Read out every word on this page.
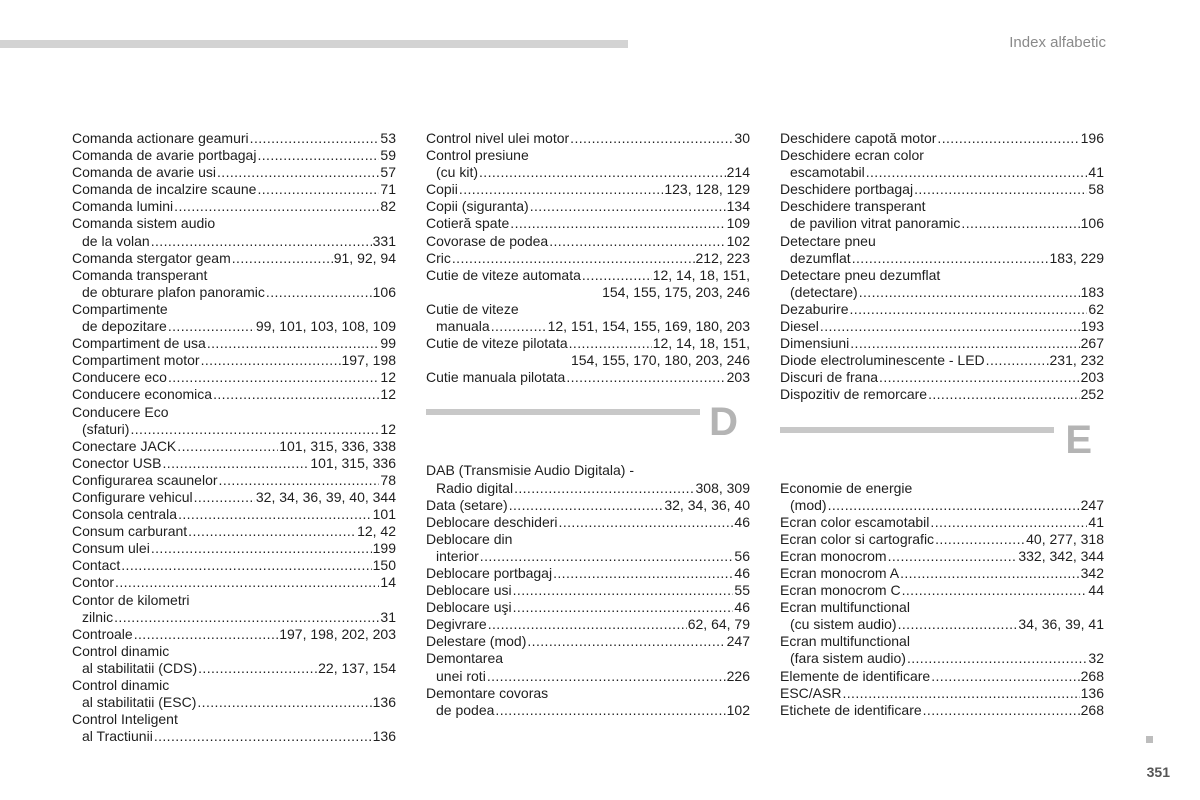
Index alfabetic
Comanda actionare geamuri .....	53
Comanda de avarie portbagaj .....	59
Comanda de avarie usi .....	57
Comanda de incalzire scaune .....	71
Comanda lumini .....	82
Comanda sistem audio
de la volan .....	331
Comanda stergator geam .....	91, 92, 94
Comanda transperant
de obturare plafon panoramic .....	106
Compartimente
de depozitare .....	99, 101, 103, 108, 109
Compartiment de usa .....	99
Compartiment motor .....	197, 198
Conducere eco .....	12
Conducere economica .....	12
Conducere Eco
(sfaturi) .....	12
Conectare JACK .....	101, 315, 336, 338
Conector USB .....	101, 315, 336
Configurarea scaunelor .....	78
Configurare vehicul .....	32, 34, 36, 39, 40, 344
Consola centrala .....	101
Consum carburant .....	12, 42
Consum ulei .....	199
Contact .....	150
Contor .....	14
Contor de kilometri
zilnic .....	31
Controale .....	197, 198, 202, 203
Control dinamic
al stabilitatii (CDS) .....	22, 137, 154
Control dinamic
al stabilitatii (ESC) .....	136
Control Inteligent
al Tractiunii .....	136
Control nivel ulei motor .....	30
Control presiune
(cu kit) .....	214
Copii .....	123, 128, 129
Copii (siguranta) .....	134
Cotieră spate .....	109
Covorase de podea .....	102
Cric .....	212, 223
Cutie de viteze automata .....	12, 14, 18, 151,
154, 155, 175, 203, 246
Cutie de viteze
manuala .....	12, 151, 154, 155, 169, 180, 203
Cutie de viteze pilotata .....	12, 14, 18, 151,
154, 155, 170, 180, 203, 246
Cutie manuala pilotata .....	203
D
DAB (Transmisie Audio Digitala) -
Radio digital .....	308, 309
Data (setare) .....	32, 34, 36, 40
Deblocare deschideri .....	46
Deblocare din
interior .....	56
Deblocare portbagaj .....	46
Deblocare usi .....	55
Deblocare uşi .....	46
Degivrare .....	62, 64, 79
Delestare (mod) .....	247
Demontarea
unei roti .....	226
Demontare covoras
de podea .....	102
Deschidere capotă motor .....	196
Deschidere ecran color
escamotabil .....	41
Deschidere portbagaj .....	58
Deschidere transperant
de pavilion vitrat panoramic .....	106
Detectare pneu
dezumflat .....	183, 229
Detectare pneu dezumflat
(detectare) .....	183
Dezaburire .....	62
Diesel .....	193
Dimensiuni .....	267
Diode electroluminescente - LED .....	231, 232
Discuri de frana .....	203
Dispozitiv de remorcare .....	252
E
Economie de energie
(mod) .....	247
Ecran color escamotabil .....	41
Ecran color si cartografic .....	40, 277, 318
Ecran monocrom .....	332, 342, 344
Ecran monocrom A .....	342
Ecran monocrom C .....	44
Ecran multifunctional
(cu sistem audio) .....	34, 36, 39, 41
Ecran multifunctional
(fara sistem audio) .....	32
Elemente de identificare .....	268
ESC/ASR .....	136
Etichete de identificare .....	268
351
